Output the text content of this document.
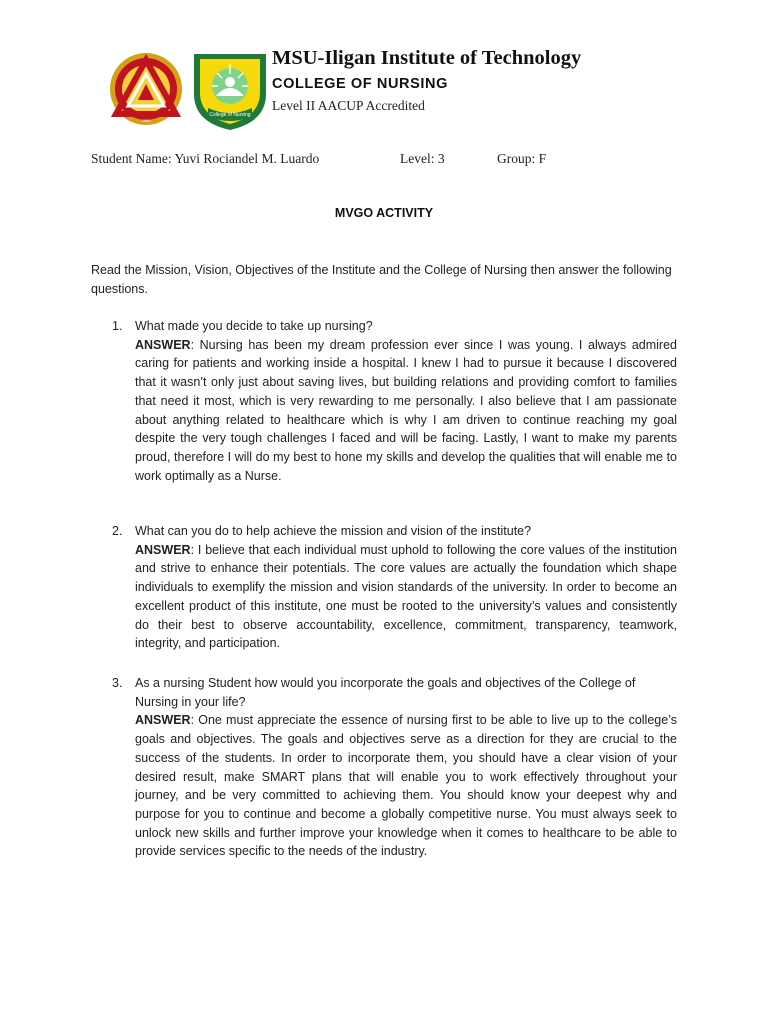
1968
College of Nursing
MSU-Iligan Institute of Technology
COLLEGE OF NURSING
Level II AACUP Accredited
Student Name: Yuvi Rociandel M. Luardo	Level: 3	Group: F
MVGO ACTIVITY
Read the Mission, Vision, Objectives of the Institute and the College of Nursing then answer the following questions.
1. What made you decide to take up nursing?
ANSWER: Nursing has been my dream profession ever since I was young. I always admired caring for patients and working inside a hospital. I knew I had to pursue it because I discovered that it wasn’t only just about saving lives, but building relations and providing comfort to families that need it most, which is very rewarding to me personally. I also believe that I am passionate about anything related to healthcare which is why I am driven to continue reaching my goal despite the very tough challenges I faced and will be facing. Lastly, I want to make my parents proud, therefore I will do my best to hone my skills and develop the qualities that will enable me to work optimally as a Nurse.
2. What can you do to help achieve the mission and vision of the institute?
ANSWER: I believe that each individual must uphold to following the core values of the institution and strive to enhance their potentials. The core values are actually the foundation which shape individuals to exemplify the mission and vision standards of the university. In order to become an excellent product of this institute, one must be rooted to the university’s values and consistently do their best to observe accountability, excellence, commitment, transparency, teamwork, integrity, and participation.
3. As a nursing Student how would you incorporate the goals and objectives of the College of Nursing in your life?
ANSWER: One must appreciate the essence of nursing first to be able to live up to the college’s goals and objectives. The goals and objectives serve as a direction for they are crucial to the success of the students. In order to incorporate them, you should have a clear vision of your desired result, make SMART plans that will enable you to work effectively throughout your journey, and be very committed to achieving them. You should know your deepest why and purpose for you to continue and become a globally competitive nurse. You must always seek to unlock new skills and further improve your knowledge when it comes to healthcare to be able to provide services specific to the needs of the industry.
